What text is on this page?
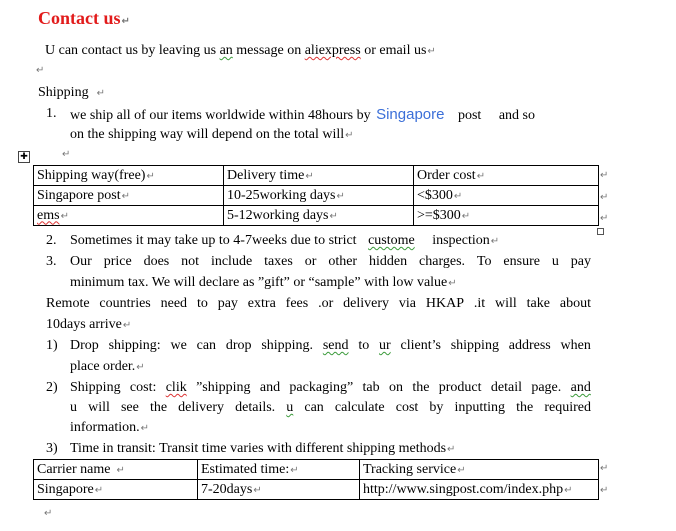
Contact us ↵
U can contact us by leaving us an message on aliexpress or email us ↵
↵
Shipping ↵
1. we ship all of our items worldwide within 48hours by Singapore post and so
on the shipping way will depend on the total will ↵
✚
↵
Shipping way(free) ↵	Delivery time ↵	Order cost ↵
Singapore post ↵	10-25working days ↵	<$300 ↵
ems ↵	5-12working days ↵	>=$300 ↵
↵
↵
↵
2. Sometimes it may take up to 4-7weeks due to strict custome inspection ↵
3. Our price does not include taxes or other hidden charges. To ensure u pay
minimum tax. We will declare as ”gift” or “sample” with low value ↵
Remote countries need to pay extra fees .or delivery via HKAP .it will take about
10days arrive ↵
1) Drop shipping: we can drop shipping. send to ur client’s shipping address when
place order. ↵
2) Shipping cost: clik ”shipping and packaging” tab on the product detail page. and
u will see the delivery details. u can calculate cost by inputting the required
information. ↵
3) Time in transit: Transit time varies with different shipping methods ↵
Carrier name ↵	Estimated time: ↵	Tracking service ↵
Singapore ↵	7-20days ↵	http://www.singpost.com/index.php ↵
↵
↵
↵
